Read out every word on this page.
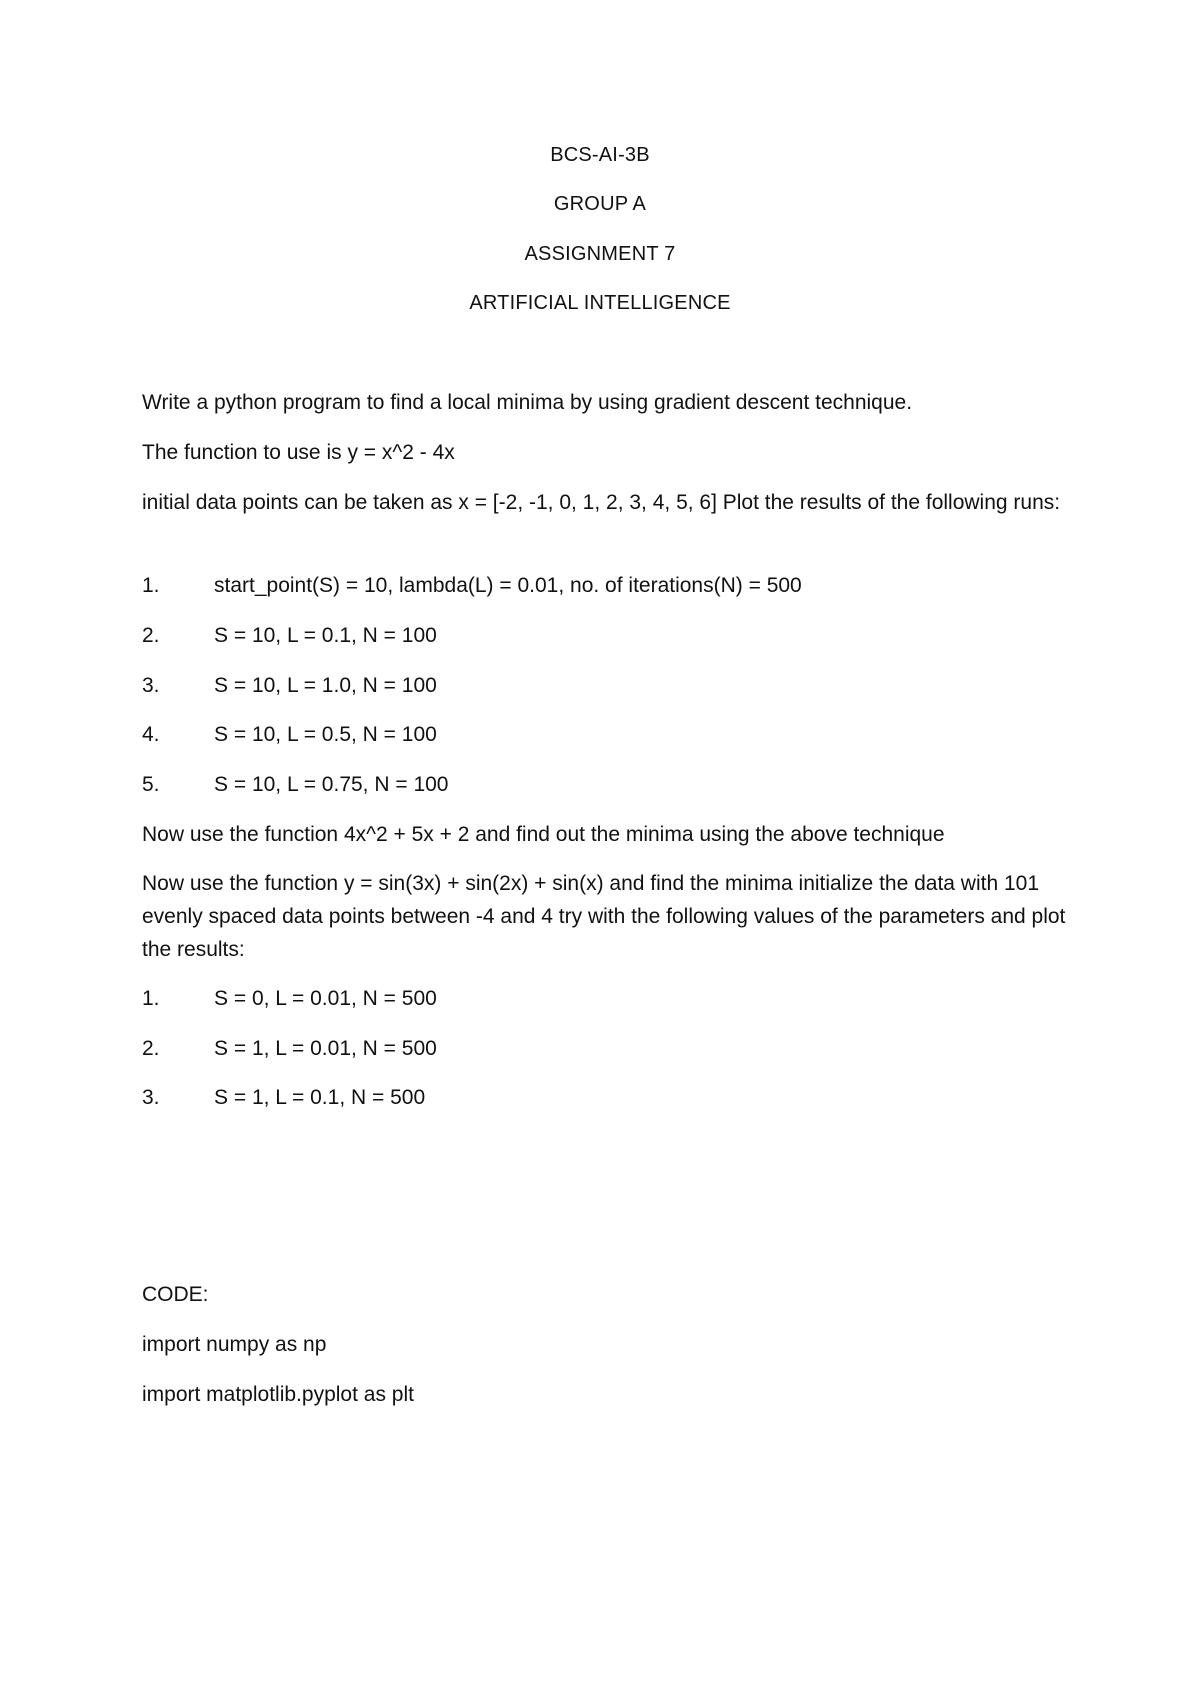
BCS-AI-3B
GROUP A
ASSIGNMENT 7
ARTIFICIAL INTELLIGENCE
Write a python program to find a local minima by using gradient descent technique.
The function to use is y = x^2 - 4x
initial data points can be taken as x = [-2, -1, 0, 1, 2, 3, 4, 5, 6] Plot the results of the following runs:
1.	start_point(S) = 10, lambda(L) = 0.01, no. of iterations(N) = 500
2.	S = 10, L = 0.1, N = 100
3.	S = 10, L = 1.0, N = 100
4.	S = 10, L = 0.5, N = 100
5.	S = 10, L = 0.75, N = 100
Now use the function 4x^2 + 5x + 2 and find out the minima using the above technique
Now use the function y = sin(3x) + sin(2x) + sin(x) and find the minima initialize the data with 101 evenly spaced data points between -4 and 4 try with the following values of the parameters and plot the results:
1.	S = 0, L = 0.01, N = 500
2.	S = 1, L = 0.01, N = 500
3.	S = 1, L = 0.1, N = 500
CODE:
import numpy as np
import matplotlib.pyplot as plt
